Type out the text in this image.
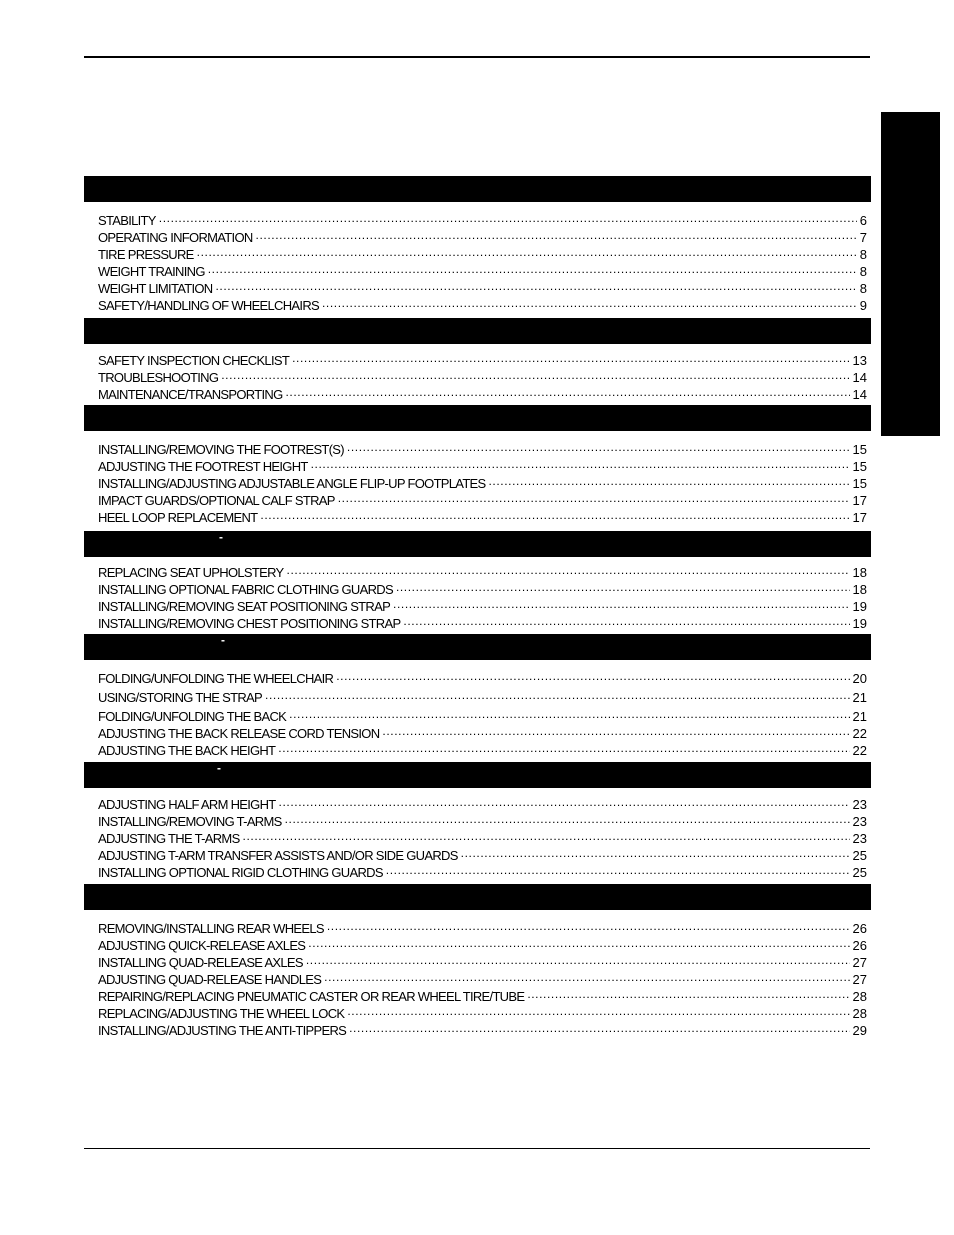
STABILITY .....	6
OPERATING INFORMATION .....	7
TIRE PRESSURE .....	8
WEIGHT TRAINING .....	8
WEIGHT LIMITATION .....	8
SAFETY/HANDLING OF WHEELCHAIRS .....	9
SAFETY INSPECTION CHECKLIST .....	13
TROUBLESHOOTING .....	14
MAINTENANCE/TRANSPORTING .....	14
INSTALLING/REMOVING THE FOOTREST(S) .....	15
ADJUSTING THE FOOTREST HEIGHT .....	15
INSTALLING/ADJUSTING ADJUSTABLE ANGLE FLIP-UP FOOTPLATES .....	15
IMPACT GUARDS/OPTIONAL CALF STRAP .....	17
HEEL LOOP REPLACEMENT .....	17
-
REPLACING SEAT UPHOLSTERY .....	18
INSTALLING OPTIONAL FABRIC CLOTHING GUARDS .....	18
INSTALLING/REMOVING SEAT POSITIONING STRAP .....	19
INSTALLING/REMOVING CHEST POSITIONING STRAP .....	19
-
FOLDING/UNFOLDING THE WHEELCHAIR .....	20
USING/STORING THE STRAP .....	21
FOLDING/UNFOLDING THE BACK .....	21
ADJUSTING THE BACK RELEASE CORD TENSION .....	22
ADJUSTING THE BACK HEIGHT .....	22
-
ADJUSTING HALF ARM HEIGHT .....	23
INSTALLING/REMOVING T-ARMS .....	23
ADJUSTING THE T-ARMS .....	23
ADJUSTING T-ARM TRANSFER ASSISTS AND/OR SIDE GUARDS .....	25
INSTALLING OPTIONAL RIGID CLOTHING GUARDS .....	25
REMOVING/INSTALLING REAR WHEELS .....	26
ADJUSTING QUICK-RELEASE AXLES .....	26
INSTALLING QUAD-RELEASE AXLES .....	27
ADJUSTING QUAD-RELEASE HANDLES .....	27
REPAIRING/REPLACING PNEUMATIC CASTER OR REAR WHEEL TIRE/TUBE .....	28
REPLACING/ADJUSTING THE WHEEL LOCK .....	28
INSTALLING/ADJUSTING THE ANTI-TIPPERS .....	29
